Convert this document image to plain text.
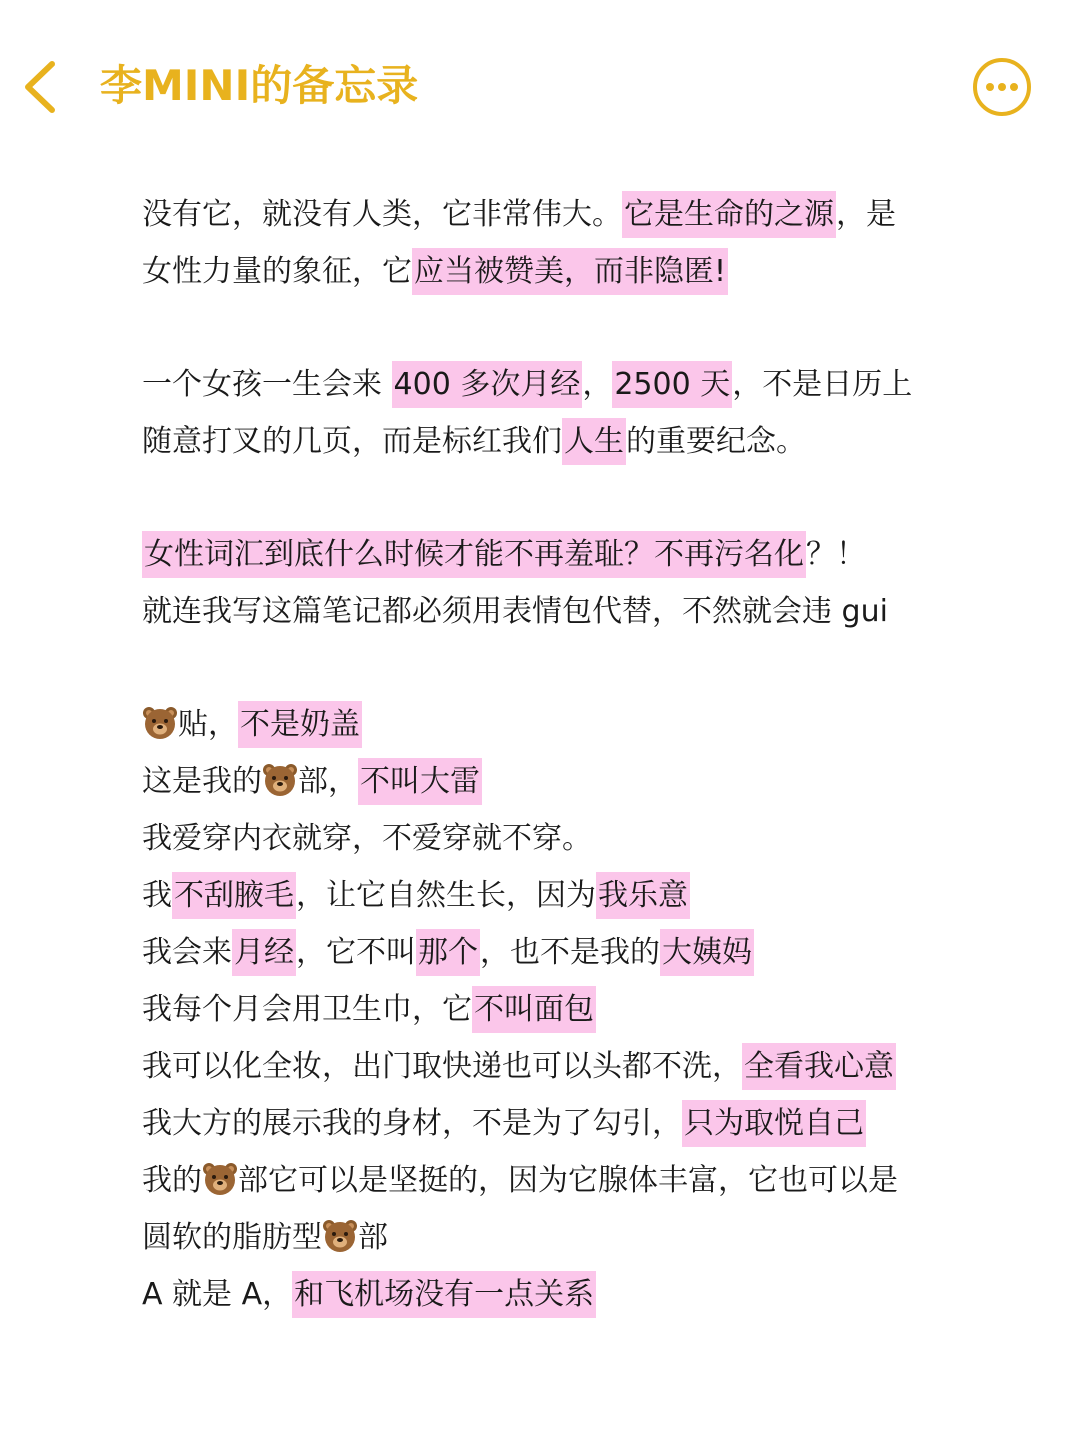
李MINI的备忘录
没有它，就没有人类，它非常伟大。它是生命的之源，是
女性力量的象征，它应当被赞美，而非隐匿!
一个女孩一生会来 400 多次月经，2500 天，不是日历上
随意打叉的几页，而是标红我们人生的重要纪念。
女性词汇到底什么时候才能不再羞耻？不再污名化？！
就连我写这篇笔记都必须用表情包代替，不然就会违 gui
贴，不是奶盖
这是我的 部，不叫大雷
我爱穿内衣就穿，不爱穿就不穿。
我不刮腋毛，让它自然生长，因为我乐意
我会来月经，它不叫那个，也不是我的大姨妈
我每个月会用卫生巾，它不叫面包
我可以化全妆，出门取快递也可以头都不洗，全看我心意
我大方的展示我的身材，不是为了勾引，只为取悦自己
我的 部它可以是坚挺的，因为它腺体丰富，它也可以是
圆软的脂肪型 部
A 就是 A，和飞机场没有一点关系
